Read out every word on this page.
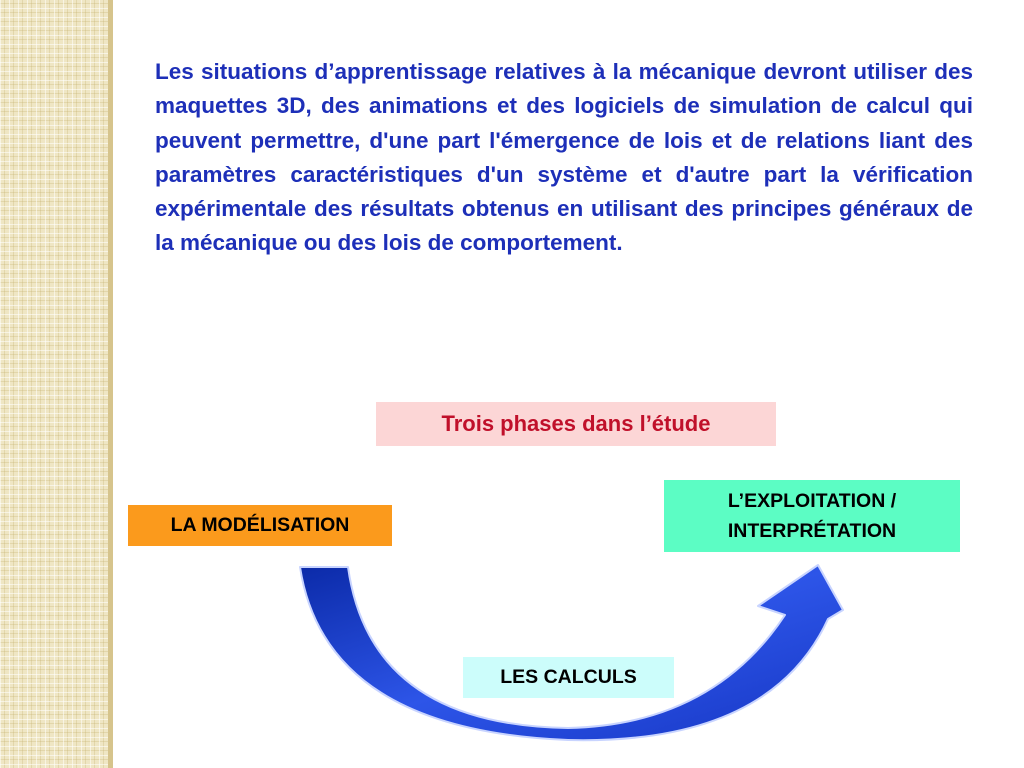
Les situations d’apprentissage relatives à la mécanique devront utiliser des maquettes 3D, des animations et des logiciels de simulation de calcul qui peuvent permettre, d'une part l'émergence de lois et de relations liant des paramètres caractéristiques d'un système et d'autre part la vérification expérimentale des résultats obtenus en utilisant des principes généraux de la mécanique ou des lois de comportement.

Trois phases dans l’étude
LA MODÉLISATION
L’EXPLOITATION /
INTERPRÉTATION
LES CALCULS
